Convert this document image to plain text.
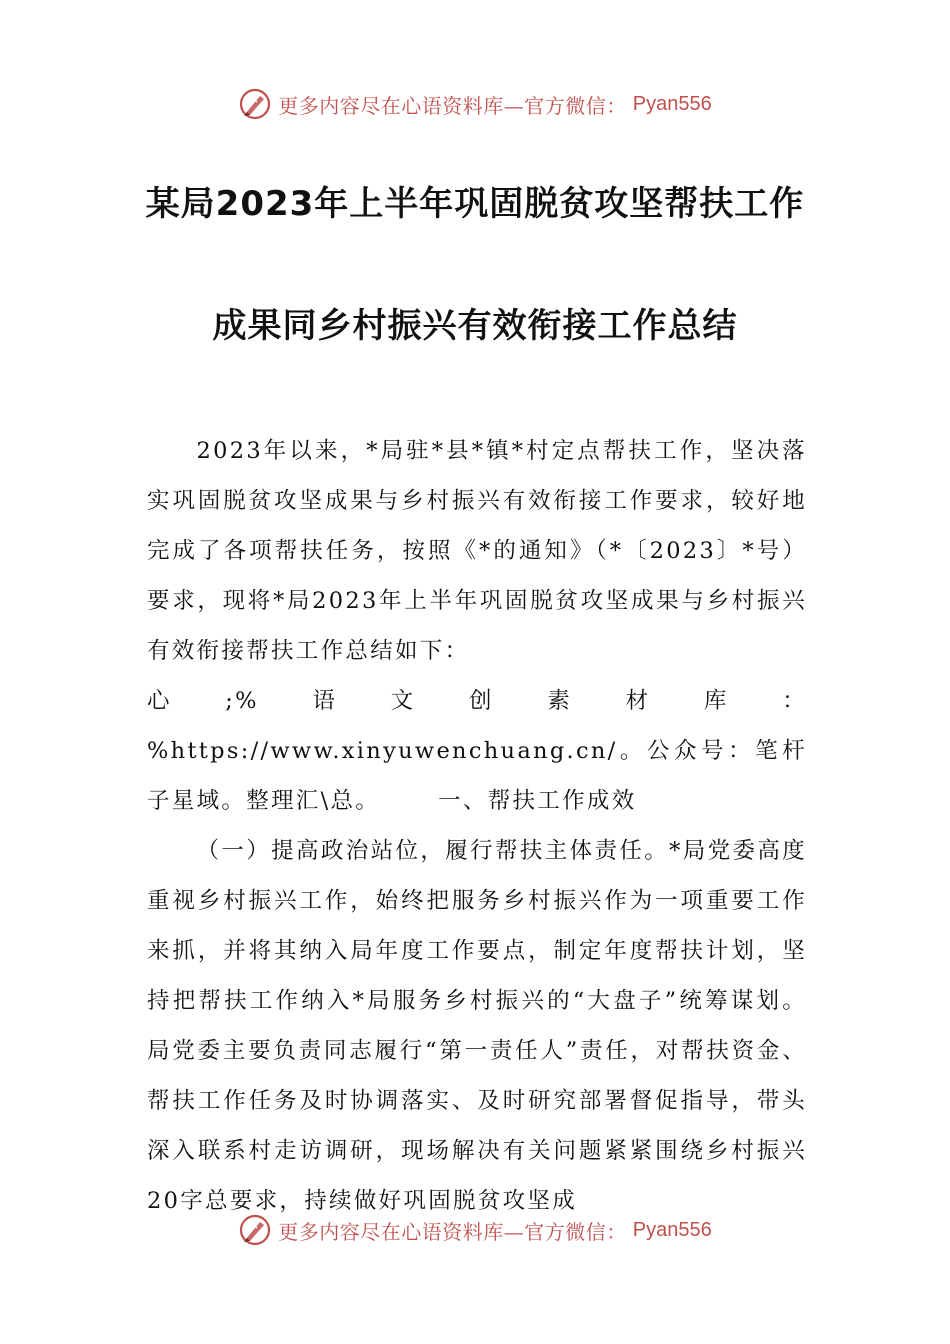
更多内容尽在心语资料库—官方微信： Pyan556
某局2023年上半年巩固脱贫攻坚帮扶工作
成果同乡村振兴有效衔接工作总结

2023年以来，*局驻*县*镇*村定点帮扶工作，坚决落实巩固脱贫攻坚成果与乡村振兴有效衔接工作要求，较好地完成了各项帮扶任务，按照《*的通知》（*〔2023〕*号）要求，现将*局2023年上半年巩固脱贫攻坚成果与乡村振兴有效衔接帮扶工作总结如下：

心;%语文创素材库：%https://www.xinyuwenchuang.cn/。公众号：笔杆子星域。整理汇\总。	一、帮扶工作成效

（一）提高政治站位，履行帮扶主体责任。*局党委高度重视乡村振兴工作，始终把服务乡村振兴作为一项重要工作来抓，并将其纳入局年度工作要点，制定年度帮扶计划，坚持把帮扶工作纳入*局服务乡村振兴的“大盘子”统筹谋划。局党委主要负责同志履行“第一责任人”责任，对帮扶资金、帮扶工作任务及时协调落实、及时研究部署督促指导，带头深入联系村走访调研，现场解决有关问题紧紧围绕乡村振兴20字总要求，持续做好巩固脱贫攻坚成

更多内容尽在心语资料库—官方微信： Pyan556
